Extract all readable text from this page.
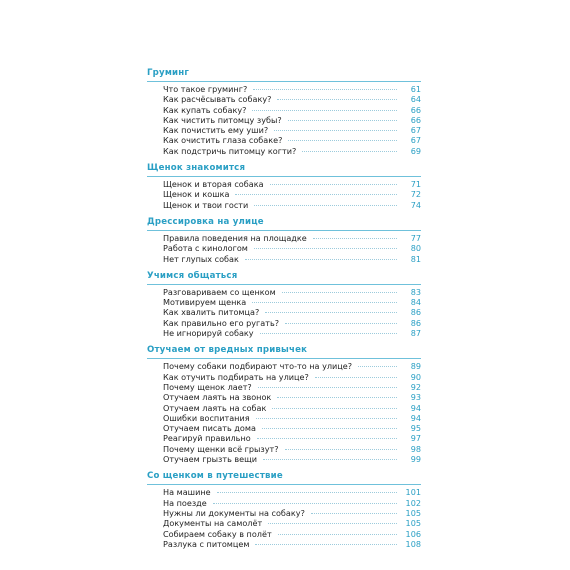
Груминг
Что такое груминг?	61
Как расчёсывать собаку?	64
Как купать собаку?	66
Как чистить питомцу зубы?	66
Как почистить ему уши?	67
Как очистить глаза собаке?	67
Как подстричь питомцу когти?	69
Щенок знакомится
Щенок и вторая собака	71
Щенок и кошка	72
Щенок и твои гости	74
Дрессировка на улице
Правила поведения на площадке	77
Работа с кинологом	80
Нет глупых собак	81
Учимся общаться
Разговариваем со щенком	83
Мотивируем щенка	84
Как хвалить питомца?	86
Как правильно его ругать?	86
Не игнорируй собаку	87
Отучаем от вредных привычек
Почему собаки подбирают что-то на улице?	89
Как отучить подбирать на улице?	90
Почему щенок лает?	92
Отучаем лаять на звонок	93
Отучаем лаять на собак	94
Ошибки воспитания	94
Отучаем писать дома	95
Реагируй правильно	97
Почему щенки всё грызут?	98
Отучаем грызть вещи	99
Со щенком в путешествие
На машине	101
На поезде	102
Нужны ли документы на собаку?	105
Документы на самолёт	105
Собираем собаку в полёт	106
Разлука с питомцем	108
